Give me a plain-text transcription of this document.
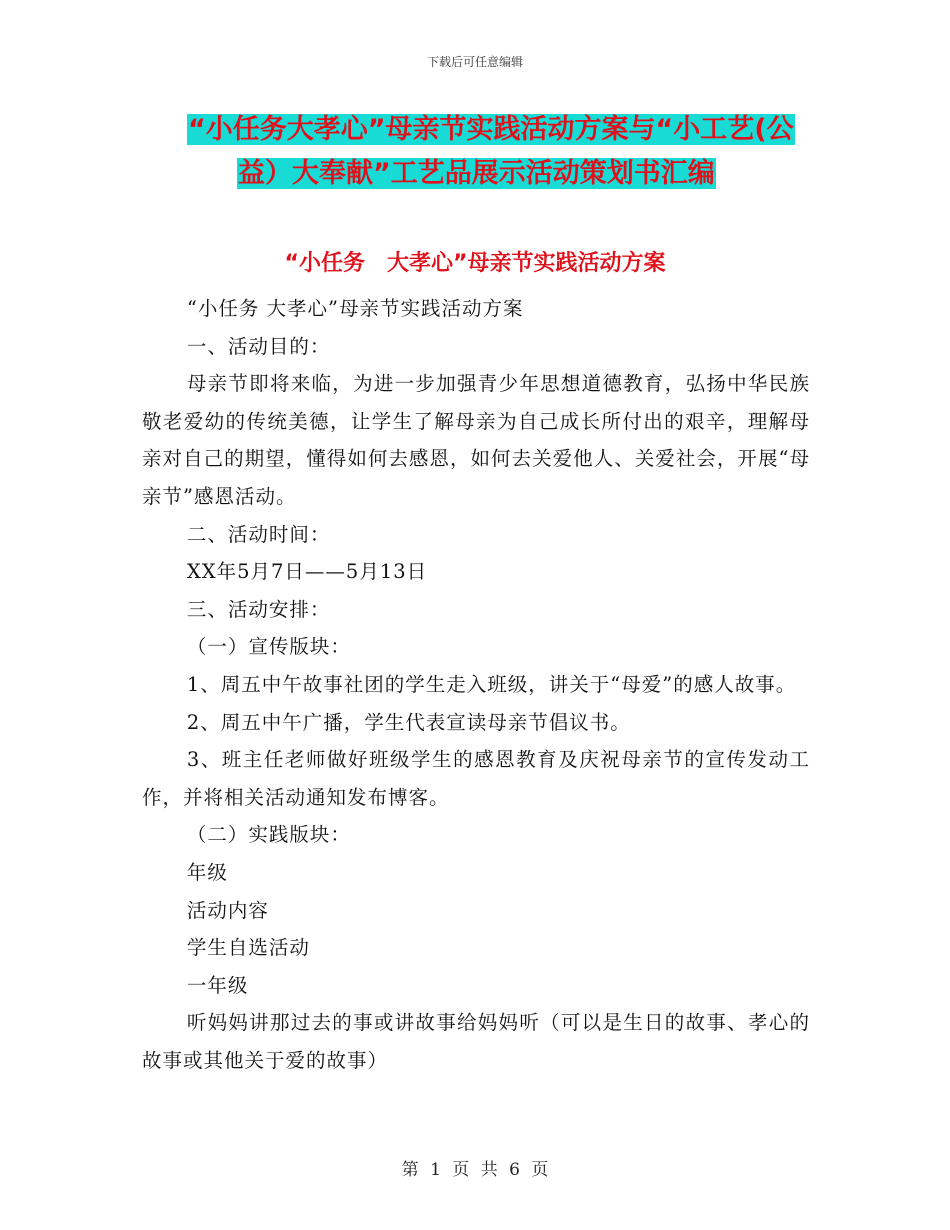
下载后可任意编辑
“小任务大孝心”母亲节实践活动方案与“小工艺(公
益）大奉献”工艺品展示活动策划书汇编
“小任务　大孝心”母亲节实践活动方案

“小任务 大孝心”母亲节实践活动方案

一、活动目的：

母亲节即将来临，为进一步加强青少年思想道德教育，弘扬中华民族敬老爱幼的传统美德，让学生了解母亲为自己成长所付出的艰辛，理解母亲对自己的期望，懂得如何去感恩，如何去关爱他人、关爱社会，开展“母亲节”感恩活动。

二、活动时间：

XX年5月7日——5月13日

三、活动安排：

（一）宣传版块：

1、周五中午故事社团的学生走入班级，讲关于“母爱”的感人故事。

2、周五中午广播，学生代表宣读母亲节倡议书。

3、班主任老师做好班级学生的感恩教育及庆祝母亲节的宣传发动工作，并将相关活动通知发布博客。

（二）实践版块：

年级

活动内容

学生自选活动

一年级

听妈妈讲那过去的事或讲故事给妈妈听（可以是生日的故事、孝心的故事或其他关于爱的故事）

第 1 页 共 6 页
